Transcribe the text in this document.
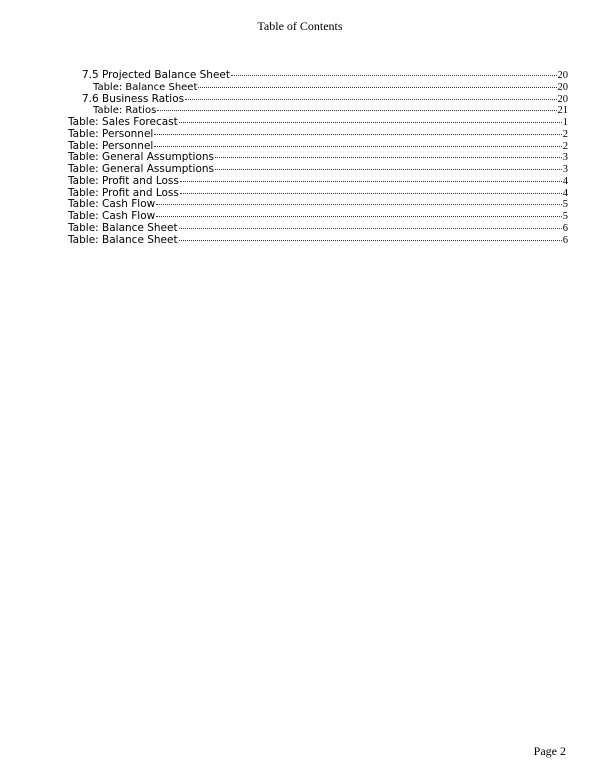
Table of Contents
7.5 Projected Balance Sheet	20
Table: Balance Sheet	20
7.6 Business Ratios	20
Table: Ratios	21
Table: Sales Forecast	1
Table: Personnel	2
Table: Personnel	2
Table: General Assumptions	3
Table: General Assumptions	3
Table: Profit and Loss	4
Table: Profit and Loss	4
Table: Cash Flow	5
Table: Cash Flow	5
Table: Balance Sheet	6
Table: Balance Sheet	6
Page 2
